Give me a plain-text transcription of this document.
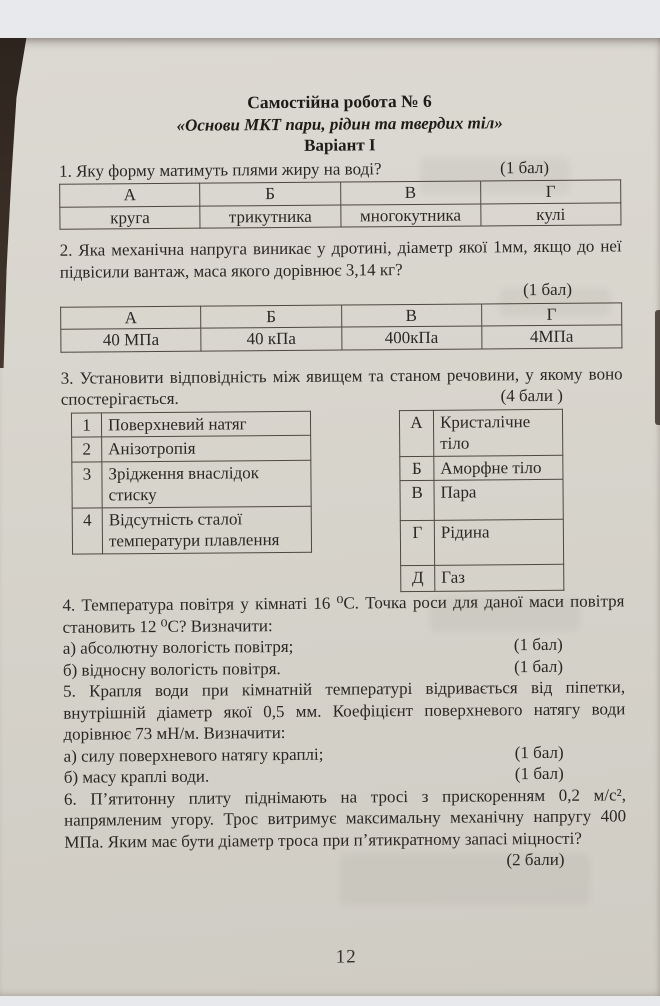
Самостійна робота № 6
«Основи МКТ пари, рідин та твердих тіл»
Варіант I
1. Яку форму матимуть плями жиру на воді?	(1 бал)
А	Б	В	Г
круга	трикутника	многокутника	кулі
2. Яка механічна напруга виникає у дротині, діаметр якої 1мм, якщо до неї підвісили вантаж, маса якого дорівнює 3,14 кг?
(1 бал)
А	Б	В	Г
40 МПа	40 кПа	400кПа	4МПа
3. Установити відповідність між явищем та станом речовини, у якому воно спостерігається.	(4 бали )
1	Поверхневий натяг
2	Анізотропія
3	Зрідження внаслідок стиску
4	Відсутність сталої температури плавлення
А	Кристалічне тіло
Б	Аморфне тіло
В	Пара
Г	Рідина
Д	Газ
4. Температура повітря у кімнаті 16 ⁰С. Точка роси для даної маси повітря становить 12 ⁰С? Визначити:
а) абсолютну вологість повітря;	(1 бал)
б) відносну вологість повітря.	(1 бал)
5. Крапля води при кімнатній температурі відривається від піпетки, внутрішній діаметр якої 0,5 мм. Коефіцієнт поверхневого натягу води дорівнює 73 мН/м. Визначити:
а) силу поверхневого натягу краплі;	(1 бал)
б) масу краплі води.	(1 бал)
6. П’ятитонну плиту піднімають на тросі з прискоренням 0,2 м/с², напрямленим угору. Трос витримує максимальну механічну напругу 400 МПа. Яким має бути діаметр троса при п’ятикратному запасі міцності?
(2 бали)
12
